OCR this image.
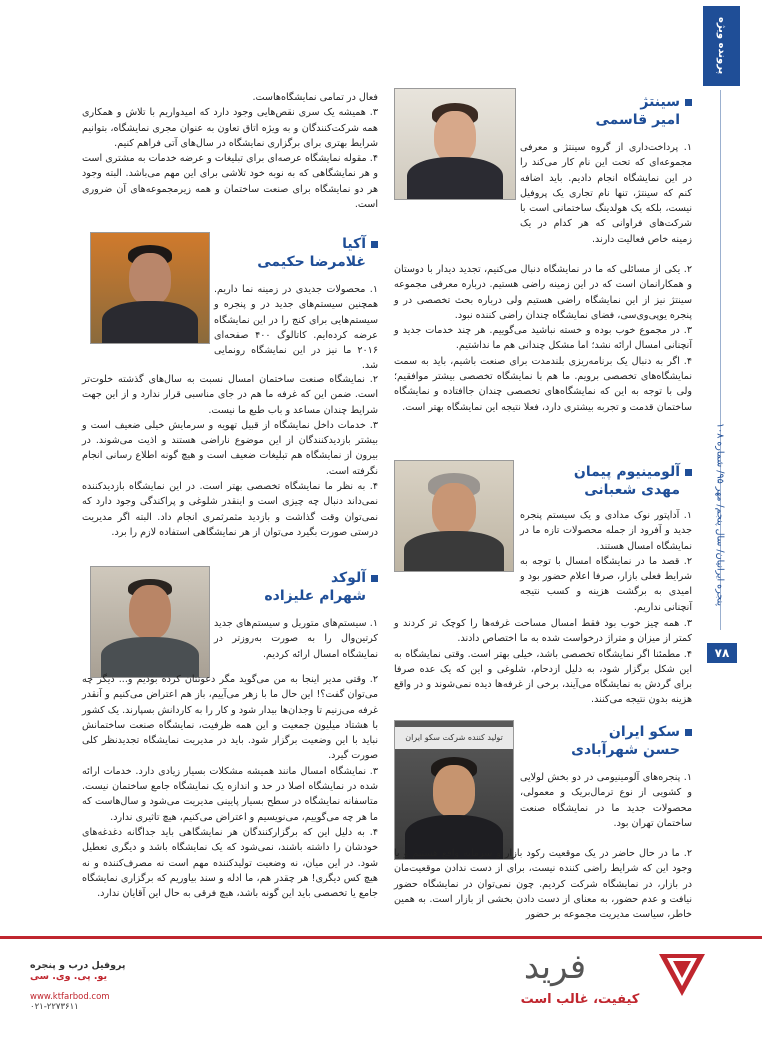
پرونده ویژه
پنجره ایرانیان/ سال پنجم/ مهر ۹۵/ شماره ۱۰۸
۷۸
سینتژ
امیر قاسمی

۱. پرداخت‌داری از گروه سینتژ و معرفی مجموعه‌ای که تحت این نام کار می‌کند را در این نمایشگاه انجام دادیم. باید اضافه کنم که سینتژ، تنها نام تجاری یک پروفیل نیست، بلکه یک هولدینگ ساختمانی است با شرکت‌های فراوانی که هر کدام در یک زمینه خاص فعالیت دارند.

۲. یکی از مسائلی که ما در نمایشگاه دنبال می‌کنیم، تجدید دیدار با دوستان و همکارانمان است که در این زمینه راضی هستیم. درباره معرفی مجموعه سینتژ نیز از این نمایشگاه راضی هستیم ولی درباره بحث تخصصی در و پنجره یوپی‌وی‌سی، فضای نمایشگاه چندان راضی کننده نبود.

۳. در مجموع خوب بوده و خسته نباشید می‌گوییم. هر چند خدمات جدید و آنچنانی امسال ارائه نشد؛ اما مشکل چندانی هم ما نداشتیم.

۴. اگر به دنبال یک برنامه‌ریزی بلندمدت برای صنعت باشیم، باید به سمت نمایشگاه‌های تخصصی برویم. ما هم با نمایشگاه تخصصی بیشتر موافقیم؛ ولی با توجه به این که نمایشگاه‌های تخصصی چندان جاافتاده و نمایشگاه ساختمان قدمت و تجربه بیشتری دارد، فعلا نتیجه این نمایشگاه بهتر است.

آلومینیوم پیمان
مهدی شعبانی

۱. آداپتور نوک مدادی و یک سیستم پنجره جدید و آفرود از جمله محصولات تازه ما در نمایشگاه امسال هستند.

۲. قصد ما در نمایشگاه امسال با توجه به شرایط فعلی بازار، صرفا اعلام حضور بود و امیدی به برگشت هزینه و کسب نتیجه آنچنانی نداریم.

۳. همه چیز خوب بود فقط امسال مساحت غرفه‌ها را کوچک تر کردند و کمتر از میزان و متراژ درخواست شده به ما اختصاص دادند.

۴. مطمئنا اگر نمایشگاه تخصصی باشد، خیلی بهتر است. وقتی نمایشگاه به این شکل برگزار شود، به دلیل ازدحام، شلوغی و این که یک عده صرفا برای گردش به نمایشگاه می‌آیند، برخی از غرفه‌ها دیده نمی‌شوند و در واقع هزینه بدون نتیجه می‌کنند.

تولید کننده شرکت سکو ایران	سکو ایران
حسن شهرآبادی

۱. پنجره‌های آلومینیومی در دو بخش لولایی و کشویی از نوع ترمال‌بریک و معمولی، محصولات جدید ما در نمایشگاه صنعت ساختمان تهران بود.

۲. ما در حال حاضر در یک موقعیت رکود بازار و سرمایه واقع هستیم و با وجود این که شرایط راضی کننده نیست، برای از دست ندادن موقعیت‌مان در بازار، در نمایشگاه شرکت کردیم. چون نمی‌توان در نمایشگاه حضور نیافت و عدم حضور، به معنای از دست دادن بخشی از بازار است. به همین خاطر، سیاست مدیریت مجموعه بر حضور

فعال در تمامی نمایشگاه‌هاست.

۳. همیشه یک سری نقص‌هایی وجود دارد که امیدواریم با تلاش و همکاری همه شرکت‌کنندگان و به ویژه اتاق تعاون به عنوان مجری نمایشگاه، بتوانیم شرایط بهتری برای برگزاری نمایشگاه در سال‌های آتی فراهم کنیم.

۴. مقوله نمایشگاه عرصه‌ای برای تبلیغات و عرضه خدمات به مشتری است و هر نمایشگاهی که به نوبه خود تلاشی برای این مهم می‌باشد. البته وجود هر دو نمایشگاه برای صنعت ساختمان و همه زیرمجموعه‌های آن ضروری است.

آکیا
غلامرضا حکیمی

۱. محصولات جدیدی در زمینه نما داریم. همچنین سیستم‌های جدید در و پنجره و سیستم‌هایی برای کنج را در این نمایشگاه عرضه کرده‌ایم. کاتالوگ ۴۰۰ صفحه‌ای ۲۰۱۶ ما نیز در این نمایشگاه رونمایی شد.

۲. نمایشگاه صنعت ساختمان امسال نسبت به سال‌های گذشته خلوت‌تر است. ضمن این که غرفه ما هم در جای مناسبی قرار ندارد و از این جهت شرایط چندان مساعد و باب طبع ما نیست.

۳. خدمات داخل نمایشگاه از قبیل تهویه و سرمایش خیلی ضعیف است و بیشتر بازدیدکنندگان از این موضوع ناراضی هستند و اذیت می‌شوند. در بیرون از نمایشگاه هم تبلیغات ضعیف است و هیچ گونه اطلاع رسانی انجام نگرفته است.

۴. به نظر ما نمایشگاه تخصصی بهتر است. در این نمایشگاه بازدیدکننده نمی‌داند دنبال چه چیزی است و اینقدر شلوغی و پراکندگی وجود دارد که نمی‌توان وقت گذاشت و بازدید مثمرثمری انجام داد. البته اگر مدیریت درستی صورت بگیرد می‌توان از هر نمایشگاهی استفاده لازم را برد.

آلوکد
شهرام علیزاده

۱. سیستم‌های متوریل و سیستم‌های جدید کرتین‌وال را به صورت به‌روزتر در نمایشگاه امسال ارائه کردیم.

۲. وقتی مدیر اینجا به من می‌گوید مگر دعوتتان کرده بودیم و... دیگر چه می‌توان گفت؟! این حال ما با زهر می‌آییم، باز هم اعتراض می‌کنیم و آنقدر غرفه می‌زنیم تا وجدان‌ها بیدار شود و کار را به کاردانش بسپارند. یک کشور با هشتاد میلیون جمعیت و این همه ظرفیت، نمایشگاه صنعت ساختمانش نباید با این وضعیت برگزار شود. باید در مدیریت نمایشگاه تجدیدنظر کلی صورت گیرد.

۳. نمایشگاه امسال مانند همیشه مشکلات بسیار زیادی دارد. خدمات ارائه شده در نمایشگاه اصلا در حد و اندازه یک نمایشگاه جامع ساختمان نیست. متاسفانه نمایشگاه در سطح بسیار پایینی مدیریت می‌شود و سال‌هاست که ما هر چه می‌گوییم، می‌نویسیم و اعتراض می‌کنیم، هیچ تاثیری ندارد.

۴. به دلیل این که برگزارکنندگان هر نمایشگاهی باید جداگانه دغدغه‌های خودشان را داشته باشند، نمی‌شود که یک نمایشگاه باشد و دیگری تعطیل شود. در این میان، نه وضعیت تولیدکننده مهم است نه مصرف‌کننده و نه هیچ کس دیگری! هر چقدر هم، ما ادله و سند بیاوریم که برگزاری نمایشگاه جامع یا تخصصی باید این گونه باشد، هیچ فرقی به حال این آقایان ندارد.

فرید
کیفیت، غالب است
پروفیل درب و پنجره
یو. پی. وی. سی
www.ktfarbod.com
۰۲۱-۲۲۷۳۶۱۱
